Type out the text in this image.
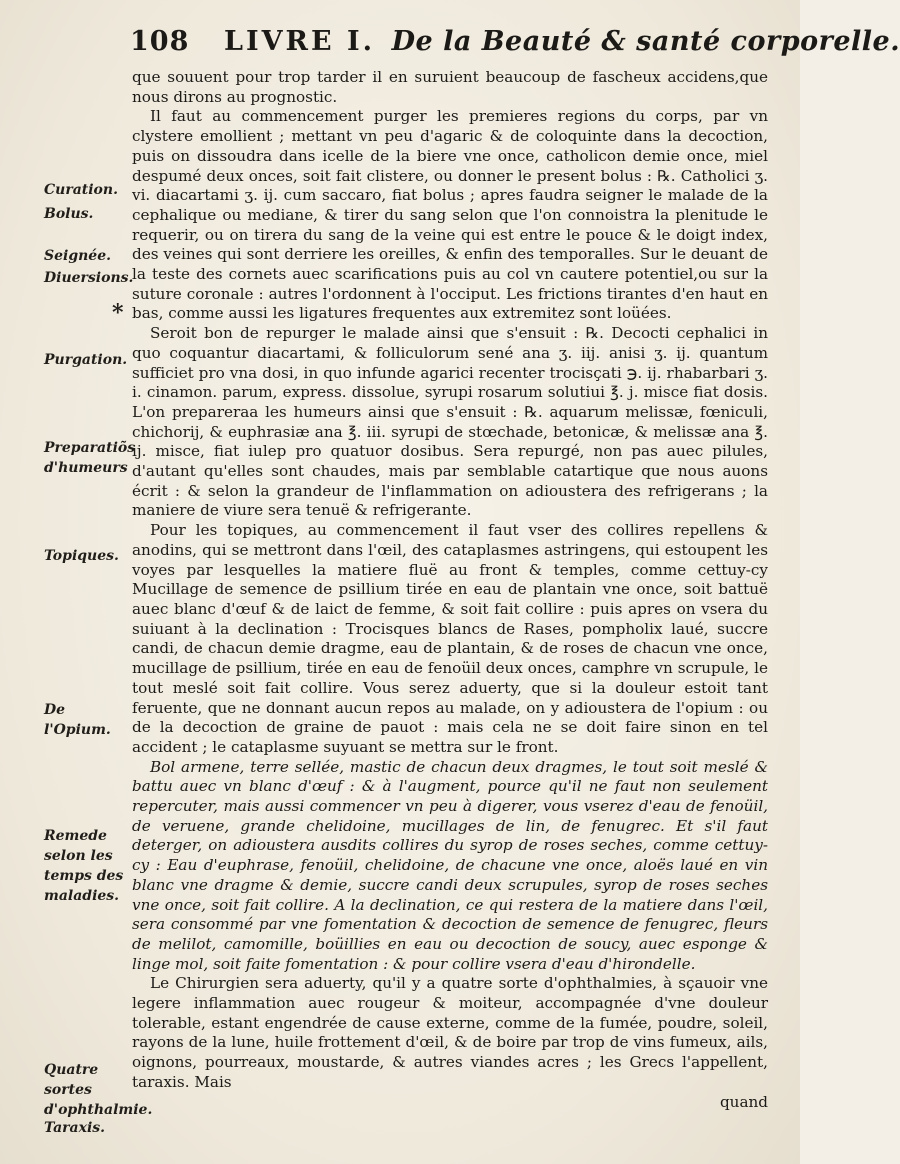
108 LIVRE I. De la Beauté & santé corporelle.
Curation.
Bolus.
Seignée.
Diuersions.
*
Purgation.
Preparatiõs d'humeurs
Topiques.
De l'Opium.
Remede selon les temps des maladies.
Quatre sortes d'ophthalmie.
Taraxis.

que souuent pour trop tarder il en suruient beaucoup de fascheux accidens,que nous dirons au prognostic.

Il faut au commencement purger les premieres regions du corps, par vn clystere emollient ; mettant vn peu d'agaric & de coloquinte dans la decoction, puis on dissoudra dans icelle de la biere vne once, catholicon demie once, miel despumé deux onces, soit fait clistere, ou donner le present bolus : ℞. Catholici ʒ. vi. diacartami ʒ. ij. cum saccaro, fiat bolus ; apres faudra seigner le malade de la cephalique ou mediane, & tirer du sang selon que l'on connoistra la plenitude le requerir, ou on tirera du sang de la veine qui est entre le pouce & le doigt index, des veines qui sont derriere les oreilles, & enfin des temporalles. Sur le deuant de la teste des cornets auec scarifications puis au col vn cautere potentiel,ou sur la suture coronale : autres l'ordonnent à l'occiput. Les frictions tirantes d'en haut en bas, comme aussi les ligatures frequentes aux extremitez sont loüées.

Seroit bon de repurger le malade ainsi que s'ensuit : ℞. Decocti cephalici in quo coquantur diacartami, & folliculorum sené ana ʒ. iij. anisi ʒ. ij. quantum sufficiet pro vna dosi, in quo infunde agarici recenter trocisçati ℈. ij. rhabarbari ʒ. i. cinamon. parum, express. dissolue, syrupi rosarum solutiui ℥. j. misce fiat dosis. L'on prepareraa les humeurs ainsi que s'ensuit : ℞. aquarum melissæ, fœniculi, chichorij, & euphrasiæ ana ℥. iii. syrupi de stœchade, betonicæ, & melissæ ana ℥. ij. misce, fiat iulep pro quatuor dosibus. Sera repurgé, non pas auec pilules, d'autant qu'elles sont chaudes, mais par semblable catartique que nous auons écrit : & selon la grandeur de l'inflammation on adioustera des refrigerans ; la maniere de viure sera tenuë & refrigerante.

Pour les topiques, au commencement il faut vser des collires repellens & anodins, qui se mettront dans l'œil, des cataplasmes astringens, qui estoupent les voyes par lesquelles la matiere fluë au front & temples, comme cettuy-cy Mucillage de semence de psillium tirée en eau de plantain vne once, soit battuë auec blanc d'œuf & de laict de femme, & soit fait collire : puis apres on vsera du suiuant à la declination : Trocisques blancs de Rases, pompholix laué, succre candi, de chacun demie dragme, eau de plantain, & de roses de chacun vne once, mucillage de psillium, tirée en eau de fenoüil deux onces, camphre vn scrupule, le tout meslé soit fait collire. Vous serez aduerty, que si la douleur estoit tant feruente, que ne donnant aucun repos au malade, on y adioustera de l'opium : ou de la decoction de graine de pauot : mais cela ne se doit faire sinon en tel accident ; le cataplasme suyuant se mettra sur le front.

Bol armene, terre sellée, mastic de chacun deux dragmes, le tout soit meslé & battu auec vn blanc d'œuf : & à l'augment, pource qu'il ne faut non seulement repercuter, mais aussi commencer vn peu à digerer, vous vserez d'eau de fenoüil, de veruene, grande chelidoine, mucillages de lin, de fenugrec. Et s'il faut deterger, on adioustera ausdits collires du syrop de roses seches, comme cettuy-cy : Eau d'euphrase, fenoüil, chelidoine, de chacune vne once, aloës laué en vin blanc vne dragme & demie, succre candi deux scrupules, syrop de roses seches vne once, soit fait collire. A la declination, ce qui restera de la matiere dans l'œil, sera consommé par vne fomentation & decoction de semence de fenugrec, fleurs de melilot, camomille, boüillies en eau ou decoction de soucy, auec esponge & linge mol, soit faite fomentation : & pour collire vsera d'eau d'hirondelle.

Le Chirurgien sera aduerty, qu'il y a quatre sorte d'ophthalmies, à sçauoir vne legere inflammation auec rougeur & moiteur, accompagnée d'vne douleur tolerable, estant engendrée de cause externe, comme de la fumée, poudre, soleil, rayons de la lune, huile frottement d'œil, & de boire par trop de vins fumeux, ails, oignons, pourreaux, moustarde, & autres viandes acres ; les Grecs l'appellent, taraxis. Mais

quand
